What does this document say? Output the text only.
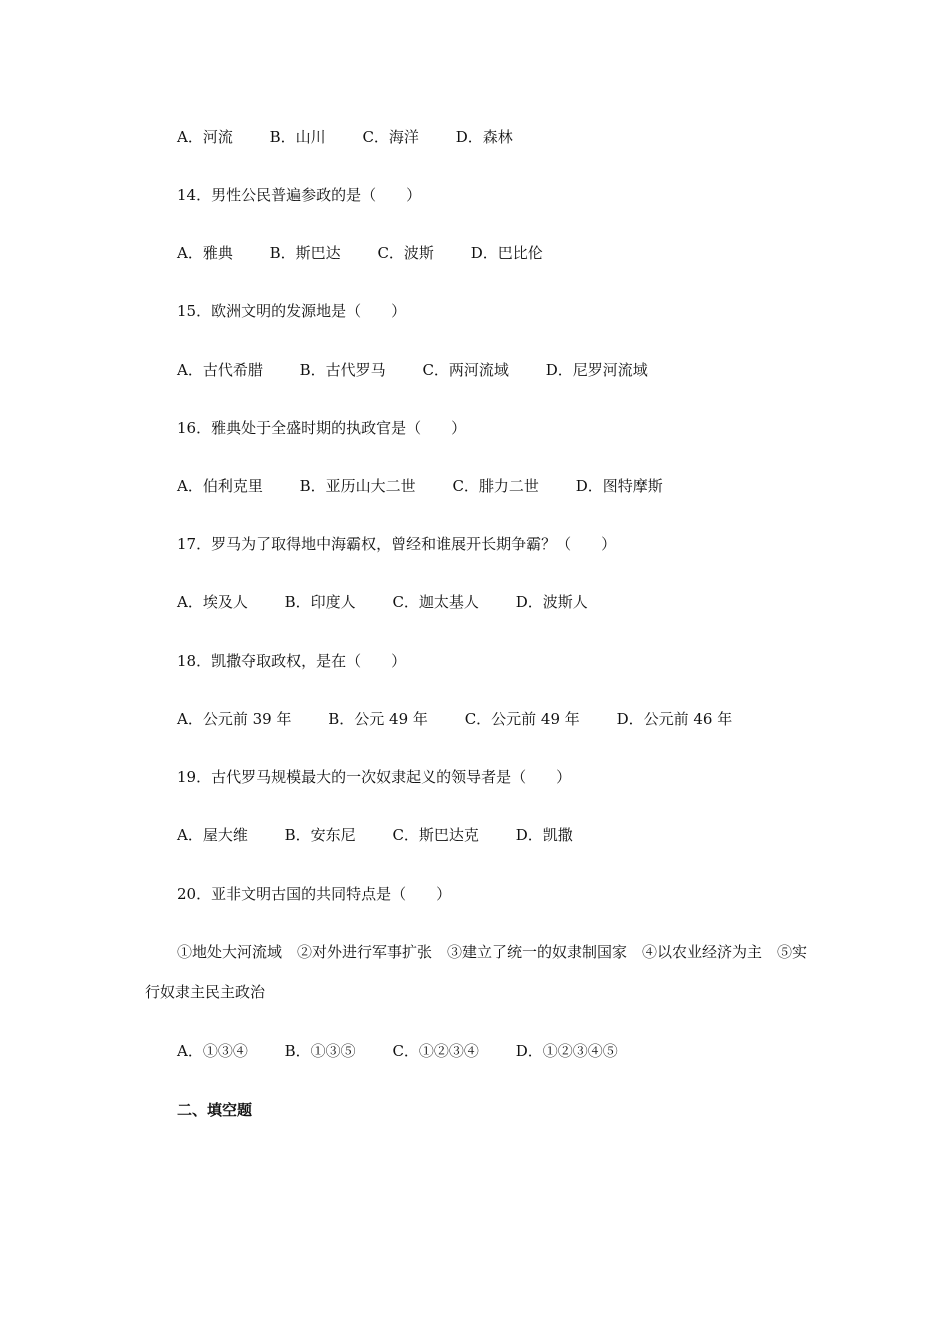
A．河流 B．山川 C．海洋 D．森林
14．男性公民普遍参政的是（　　）
A．雅典 B．斯巴达 C．波斯 D．巴比伦
15．欧洲文明的发源地是（　　）
A．古代希腊 B．古代罗马 C．两河流域 D．尼罗河流域
16．雅典处于全盛时期的执政官是（　　）
A．伯利克里 B．亚历山大二世 C．腓力二世 D．图特摩斯
17．罗马为了取得地中海霸权，曾经和谁展开长期争霸？（　　）
A．埃及人 B．印度人 C．迦太基人 D．波斯人
18．凯撒夺取政权，是在（　　）
A．公元前 39 年 B．公元 49 年 C．公元前 49 年 D．公元前 46 年
19．古代罗马规模最大的一次奴隶起义的领导者是（　　）
A．屋大维 B．安东尼 C．斯巴达克 D．凯撒
20．亚非文明古国的共同特点是（　　）
①地处大河流域　②对外进行军事扩张　③建立了统一的奴隶制国家　④以农业经济为主　⑤实行奴隶主民主政治
A．①③④ B．①③⑤ C．①②③④ D．①②③④⑤
二、填空题
